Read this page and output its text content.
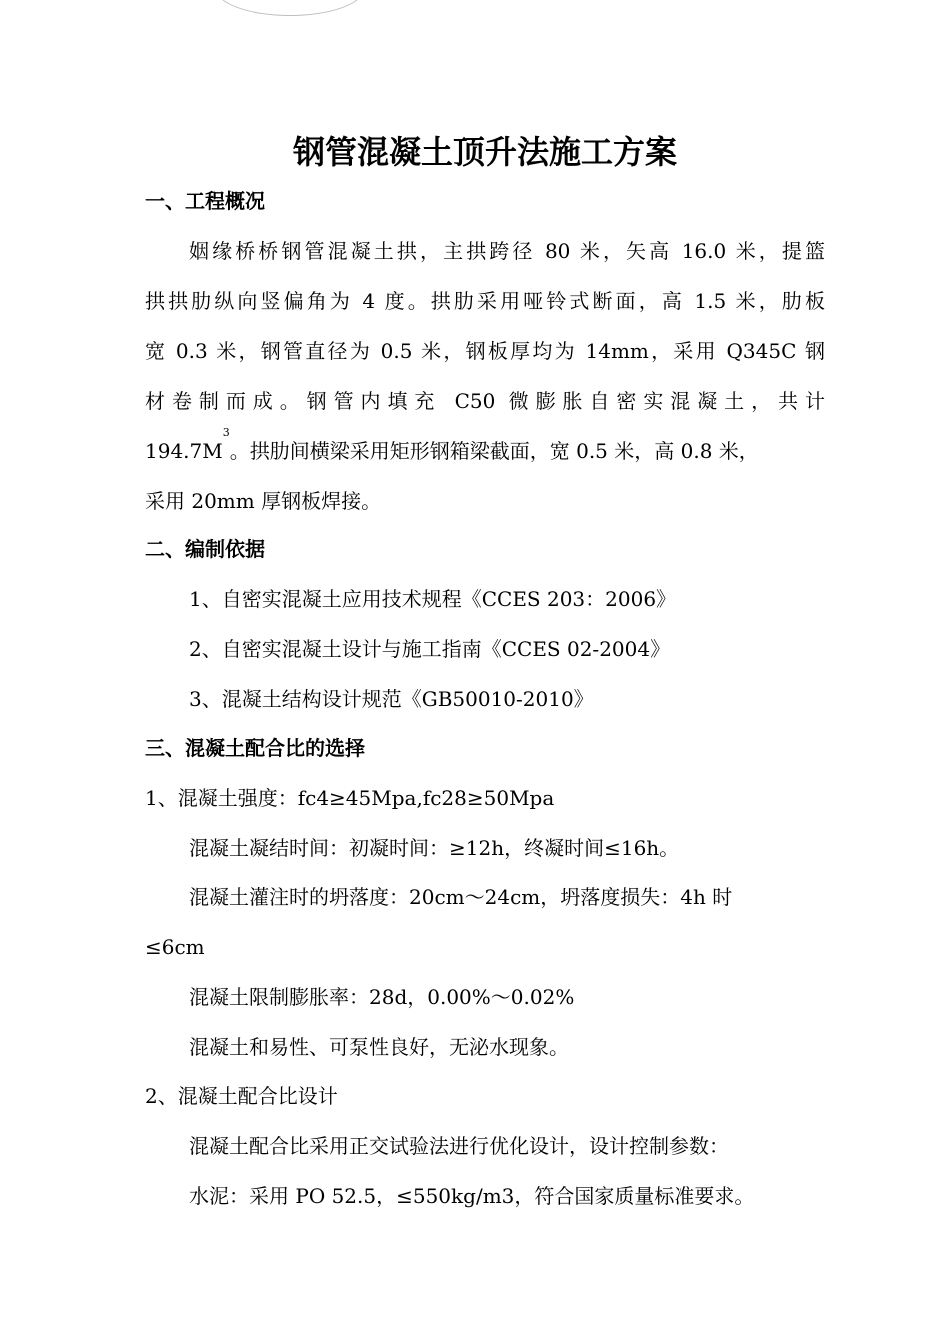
钢管混凝土顶升法施工方案
一、工程概况
姻缘桥桥钢管混凝土拱，主拱跨径 80 米，矢高 16.0 米，提篮
拱拱肋纵向竖偏角为 4 度。拱肋采用哑铃式断面，高 1.5 米，肋板
宽 0.3 米，钢管直径为 0.5 米，钢板厚均为 14mm，采用 Q345C 钢
材卷制而成。钢管内填充 C50 微膨胀自密实混凝土，共计
$194.7M^3$。拱肋间横梁采用矩形钢箱梁截面，宽 0.5 米，高 0.8 米，
采用 20mm 厚钢板焊接。
二、编制依据

1、自密实混凝土应用技术规程《CCES 203：2006》

2、自密实混凝土设计与施工指南《CCES 02-2004》

3、混凝土结构设计规范《GB50010-2010》

三、混凝土配合比的选择

1、混凝土强度：fc4≥45Mpa,fc28≥50Mpa

混凝土凝结时间：初凝时间：≥12h，终凝时间≤16h。

混凝土灌注时的坍落度：20cm～24cm，坍落度损失：4h 时

≤6cm

混凝土限制膨胀率：28d，0.00%～0.02%

混凝土和易性、可泵性良好，无泌水现象。

2、混凝土配合比设计

混凝土配合比采用正交试验法进行优化设计，设计控制参数：

水泥：采用 PO 52.5，≤550kg/m3，符合国家质量标准要求。
